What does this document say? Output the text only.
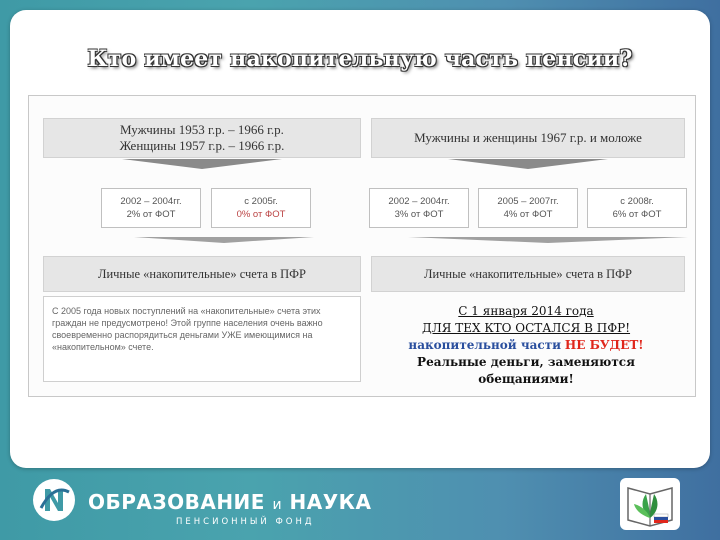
Кто имеет накопительную часть пенсии?
Мужчины 1953 г.р. – 1966 г.р.
Женщины 1957 г.р. – 1966 г.р.
Мужчины и женщины 1967 г.р. и моложе
2002 – 2004гг.
2% от ФОТ
с 2005г.
0% от ФОТ
2002 – 2004гг.
3% от ФОТ
2005 – 2007гг.
4% от ФОТ
с 2008г.
6% от ФОТ
Личные «накопительные» счета в ПФР	Личные «накопительные» счета в ПФР
С 2005 года новых поступлений на «накопительные» счета этих граждан не предусмотрено! Этой группе населения очень важно своевременно распорядиться деньгами УЖЕ имеющимися на «накопительном» счете.
С 1 января 2014 года
ДЛЯ ТЕХ КТО ОСТАЛСЯ В ПФР!
накопительной части НЕ БУДЕТ!
Реальные деньги, заменяются
обещаниями!
ОБРАЗОВАНИЕ и НАУКА
ПЕНСИОННЫЙ ФОНД
